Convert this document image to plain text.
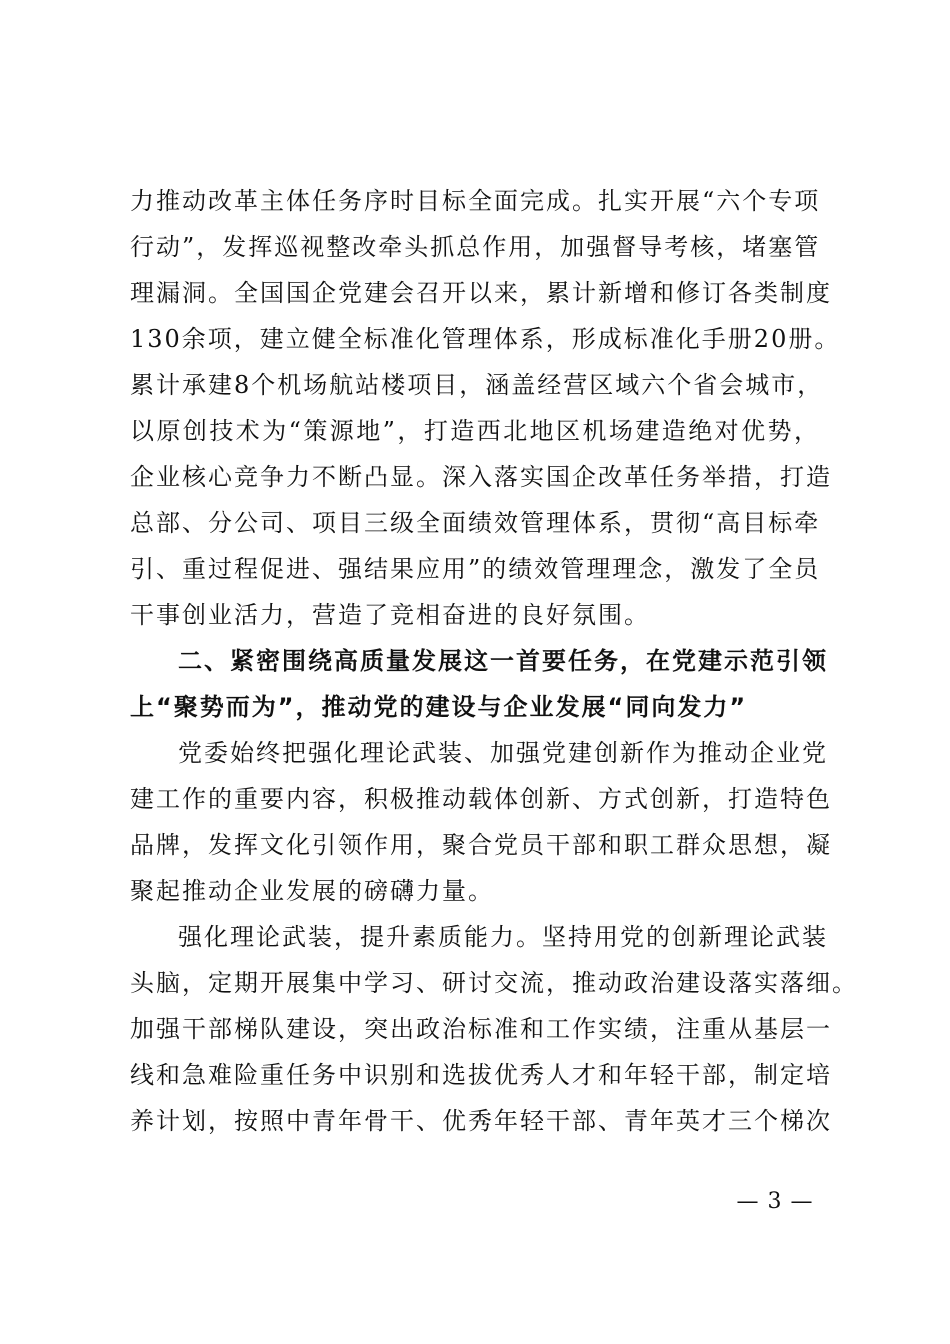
力推动改革主体任务序时目标全面完成。扎实开展“六个专项
行动”，发挥巡视整改牵头抓总作用，加强督导考核，堵塞管
理漏洞。全国国企党建会召开以来，累计新增和修订各类制度
130余项，建立健全标准化管理体系，形成标准化手册20册。
累计承建8个机场航站楼项目，涵盖经营区域六个省会城市，
以原创技术为“策源地”，打造西北地区机场建造绝对优势，
企业核心竞争力不断凸显。深入落实国企改革任务举措，打造
总部、分公司、项目三级全面绩效管理体系，贯彻“高目标牵
引、重过程促进、强结果应用”的绩效管理理念，激发了全员
干事创业活力，营造了竞相奋进的良好氛围。
二、紧密围绕高质量发展这一首要任务，在党建示范引领
上“聚势而为”，推动党的建设与企业发展“同向发力”
党委始终把强化理论武装、加强党建创新作为推动企业党
建工作的重要内容，积极推动载体创新、方式创新，打造特色
品牌，发挥文化引领作用，聚合党员干部和职工群众思想，凝
聚起推动企业发展的磅礴力量。
强化理论武装，提升素质能力。坚持用党的创新理论武装
头脑，定期开展集中学习、研讨交流，推动政治建设落实落细。
加强干部梯队建设，突出政治标准和工作实绩，注重从基层一
线和急难险重任务中识别和选拔优秀人才和年轻干部，制定培
养计划，按照中青年骨干、优秀年轻干部、青年英才三个梯次
— 3 —
